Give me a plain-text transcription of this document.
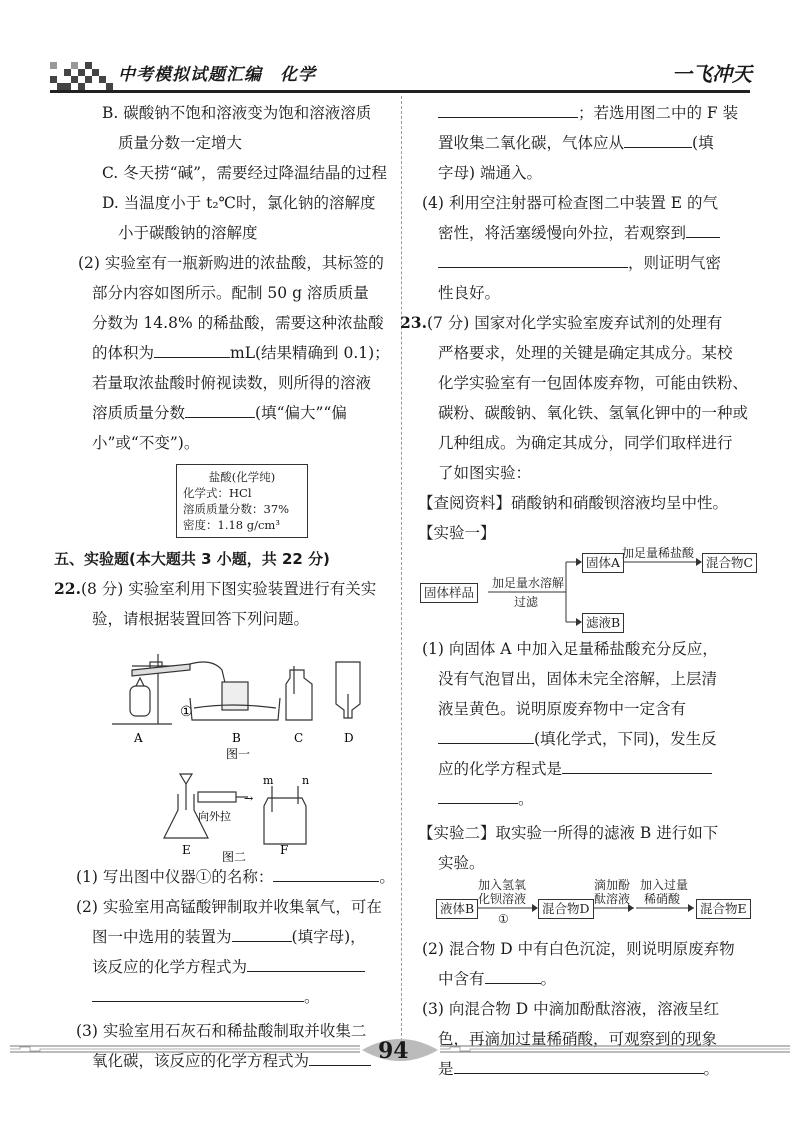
中考模拟试题汇编　化学	一飞冲天
B. 碳酸钠不饱和溶液变为饱和溶液溶质
质量分数一定增大
C. 冬天捞“碱”，需要经过降温结晶的过程
D. 当温度小于 t₂℃时，氯化钠的溶解度
小于碳酸钠的溶解度
(2) 实验室有一瓶新购进的浓盐酸，其标签的
部分内容如图所示。配制 50 g 溶质质量
分数为 14.8% 的稀盐酸，需要这种浓盐酸
的体积为	mL(结果精确到 0.1)；
若量取浓盐酸时俯视读数，则所得的溶液
溶质质量分数	(填“偏大”“偏
小”或“不变”)。
盐酸(化学纯)
化学式：HCl
溶质质量分数：37%
密度：1.18 g/cm³
五、实验题(本大题共 3 小题，共 22 分)
22.(8 分) 实验室利用下图实验装置进行有关实
验，请根据装置回答下列问题。
→
①
A	B	C	D
图一
向外拉
m	n
E	F
图二
(1) 写出图中仪器①的名称：	。
(2) 实验室用高锰酸钾制取并收集氧气，可在
图一中选用的装置为	(填字母)，
该反应的化学方程式为
。
(3) 实验室用石灰石和稀盐酸制取并收集二
氧化碳，该反应的化学方程式为
；若选用图二中的 F 装
置收集二氧化碳，气体应从	(填
字母) 端通入。
(4) 利用空注射器可检查图二中装置 E 的气
密性，将活塞缓慢向外拉，若观察到
，则证明气密
性良好。
23.(7 分) 国家对化学实验室废弃试剂的处理有
严格要求，处理的关键是确定其成分。某校
化学实验室有一包固体废弃物，可能由铁粉、
碳粉、碳酸钠、氧化铁、氢氧化钾中的一种或
几种组成。为确定其成分，同学们取样进行
了如图实验：
【查阅资料】硝酸钠和硝酸钡溶液均呈中性。
【实验一】
固体样品
加足量水溶解
过滤
固体A
加足量稀盐酸
混合物C
滤液B
(1) 向固体 A 中加入足量稀盐酸充分反应，
没有气泡冒出，固体未完全溶解，上层清
液呈黄色。说明原废弃物中一定含有
(填化学式，下同)，发生反
应的化学方程式是
。
【实验二】取实验一所得的滤液 B 进行如下
实验。
液体B
加入氢氧
化钡溶液
①
混合物D
滴加酚
酞溶液
加入过量
稀硝酸
混合物E
(2) 混合物 D 中有白色沉淀，则说明原废弃物
中含有	。
(3) 向混合物 D 中滴加酚酞溶液，溶液呈红
色，再滴加过量稀硝酸，可观察到的现象
是	。
94
